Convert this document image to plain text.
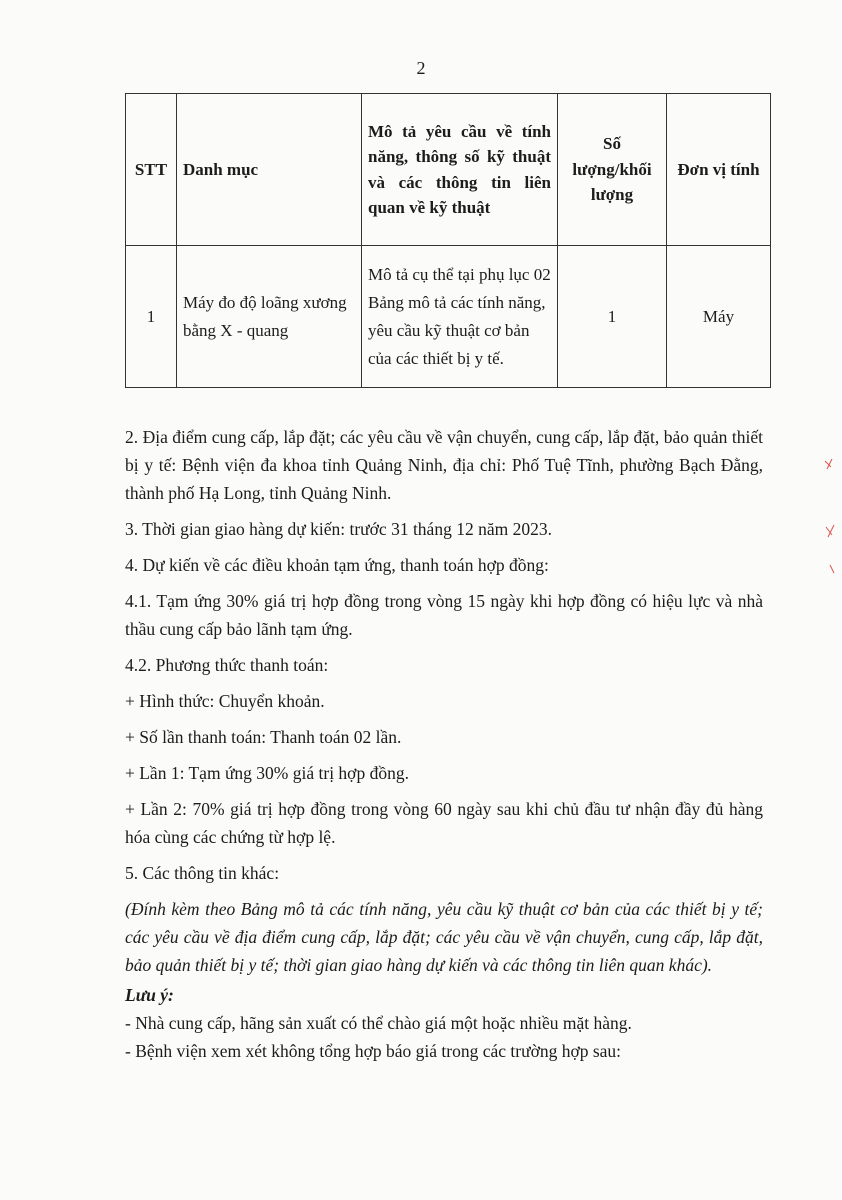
2
STT	Danh mục	Mô tả yêu cầu về tính năng, thông số kỹ thuật và các thông tin liên quan về kỹ thuật	Số lượng/khối lượng	Đơn vị tính
1	Máy đo độ loãng xương bằng X - quang	Mô tả cụ thể tại phụ lục 02 Bảng mô tả các tính năng, yêu cầu kỹ thuật cơ bản của các thiết bị y tế.	1	Máy

2. Địa điểm cung cấp, lắp đặt; các yêu cầu về vận chuyển, cung cấp, lắp đặt, bảo quản thiết bị y tế: Bệnh viện đa khoa tỉnh Quảng Ninh, địa chỉ: Phố Tuệ Tĩnh, phường Bạch Đằng, thành phố Hạ Long, tỉnh Quảng Ninh.

3. Thời gian giao hàng dự kiến: trước 31 tháng 12 năm 2023.

4. Dự kiến về các điều khoản tạm ứng, thanh toán hợp đồng:

4.1. Tạm ứng 30% giá trị hợp đồng trong vòng 15 ngày khi hợp đồng có hiệu lực và nhà thầu cung cấp bảo lãnh tạm ứng.

4.2. Phương thức thanh toán:

+ Hình thức: Chuyển khoản.

+ Số lần thanh toán: Thanh toán 02 lần.

+ Lần 1: Tạm ứng 30% giá trị hợp đồng.

+ Lần 2: 70% giá trị hợp đồng trong vòng 60 ngày sau khi chủ đầu tư nhận đầy đủ hàng hóa cùng các chứng từ hợp lệ.

5. Các thông tin khác:

(Đính kèm theo Bảng mô tả các tính năng, yêu cầu kỹ thuật cơ bản của các thiết bị y tế; các yêu cầu về địa điểm cung cấp, lắp đặt; các yêu cầu về vận chuyển, cung cấp, lắp đặt, bảo quản thiết bị y tế; thời gian giao hàng dự kiến và các thông tin liên quan khác).

Lưu ý:

- Nhà cung cấp, hãng sản xuất có thể chào giá một hoặc nhiều mặt hàng.

- Bệnh viện xem xét không tổng hợp báo giá trong các trường hợp sau:
